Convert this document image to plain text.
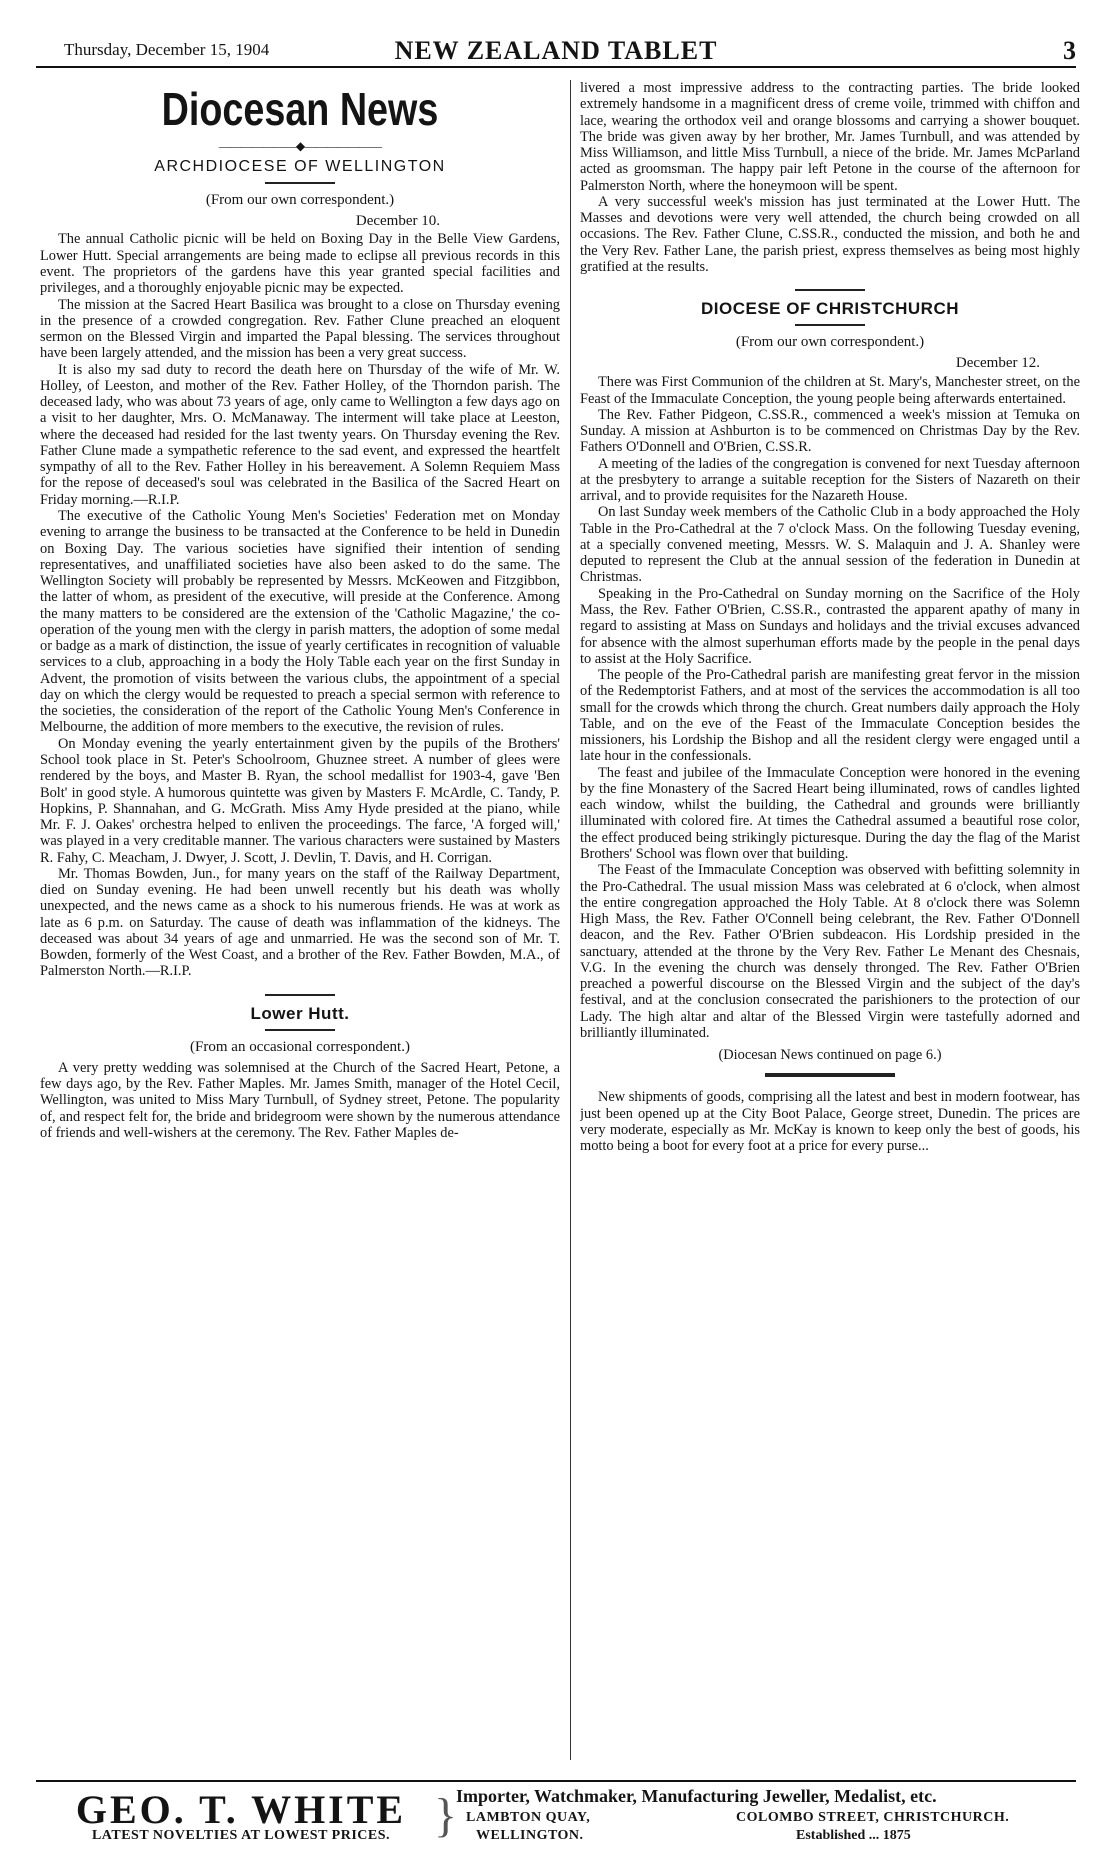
Thursday, December 15, 1904	NEW ZEALAND TABLET	3
Diocesan News
———————◆———————
ARCHDIOCESE OF WELLINGTON
(From our own correspondent.)
December 10.

The annual Catholic picnic will be held on Boxing Day in the Belle View Gardens, Lower Hutt. Special arrangements are being made to eclipse all previous records in this event. The proprietors of the gardens have this year granted special facilities and privileges, and a thoroughly enjoyable picnic may be expected.

The mission at the Sacred Heart Basilica was brought to a close on Thursday evening in the presence of a crowded congregation. Rev. Father Clune preached an eloquent sermon on the Blessed Virgin and imparted the Papal blessing. The services throughout have been largely attended, and the mission has been a very great success.

It is also my sad duty to record the death here on Thursday of the wife of Mr. W. Holley, of Leeston, and mother of the Rev. Father Holley, of the Thorndon parish. The deceased lady, who was about 73 years of age, only came to Wellington a few days ago on a visit to her daughter, Mrs. O. McManaway. The interment will take place at Leeston, where the deceased had resided for the last twenty years. On Thursday evening the Rev. Father Clune made a sympathetic reference to the sad event, and expressed the heartfelt sympathy of all to the Rev. Father Holley in his bereavement. A Solemn Requiem Mass for the repose of deceased's soul was celebrated in the Basilica of the Sacred Heart on Friday morning.—R.I.P.

The executive of the Catholic Young Men's Societies' Federation met on Monday evening to arrange the business to be transacted at the Conference to be held in Dunedin on Boxing Day. The various societies have signified their intention of sending representatives, and unaffiliated societies have also been asked to do the same. The Wellington Society will probably be represented by Messrs. McKeowen and Fitzgibbon, the latter of whom, as president of the executive, will preside at the Conference. Among the many matters to be considered are the extension of the 'Catholic Magazine,' the co-operation of the young men with the clergy in parish matters, the adoption of some medal or badge as a mark of distinction, the issue of yearly certificates in recognition of valuable services to a club, approaching in a body the Holy Table each year on the first Sunday in Advent, the promotion of visits between the various clubs, the appointment of a special day on which the clergy would be requested to preach a special sermon with reference to the societies, the consideration of the report of the Catholic Young Men's Conference in Melbourne, the addition of more members to the executive, the revision of rules.

On Monday evening the yearly entertainment given by the pupils of the Brothers' School took place in St. Peter's Schoolroom, Ghuznee street. A number of glees were rendered by the boys, and Master B. Ryan, the school medallist for 1903-4, gave 'Ben Bolt' in good style. A humorous quintette was given by Masters F. McArdle, C. Tandy, P. Hopkins, P. Shannahan, and G. McGrath. Miss Amy Hyde presided at the piano, while Mr. F. J. Oakes' orchestra helped to enliven the proceedings. The farce, 'A forged will,' was played in a very creditable manner. The various characters were sustained by Masters R. Fahy, C. Meacham, J. Dwyer, J. Scott, J. Devlin, T. Davis, and H. Corrigan.

Mr. Thomas Bowden, Jun., for many years on the staff of the Railway Department, died on Sunday evening. He had been unwell recently but his death was wholly unexpected, and the news came as a shock to his numerous friends. He was at work as late as 6 p.m. on Saturday. The cause of death was inflammation of the kidneys. The deceased was about 34 years of age and unmarried. He was the second son of Mr. T. Bowden, formerly of the West Coast, and a brother of the Rev. Father Bowden, M.A., of Palmerston North.—R.I.P.

Lower Hutt.
(From an occasional correspondent.)

A very pretty wedding was solemnised at the Church of the Sacred Heart, Petone, a few days ago, by the Rev. Father Maples. Mr. James Smith, manager of the Hotel Cecil, Wellington, was united to Miss Mary Turnbull, of Sydney street, Petone. The popularity of, and respect felt for, the bride and bridegroom were shown by the numerous attendance of friends and well-wishers at the ceremony. The Rev. Father Maples de-

livered a most impressive address to the contracting parties. The bride looked extremely handsome in a magnificent dress of creme voile, trimmed with chiffon and lace, wearing the orthodox veil and orange blossoms and carrying a shower bouquet. The bride was given away by her brother, Mr. James Turnbull, and was attended by Miss Williamson, and little Miss Turnbull, a niece of the bride. Mr. James McParland acted as groomsman. The happy pair left Petone in the course of the afternoon for Palmerston North, where the honeymoon will be spent.

A very successful week's mission has just terminated at the Lower Hutt. The Masses and devotions were very well attended, the church being crowded on all occasions. The Rev. Father Clune, C.SS.R., conducted the mission, and both he and the Very Rev. Father Lane, the parish priest, express themselves as being most highly gratified at the results.

DIOCESE OF CHRISTCHURCH
(From our own correspondent.)
December 12.

There was First Communion of the children at St. Mary's, Manchester street, on the Feast of the Immaculate Conception, the young people being afterwards entertained.

The Rev. Father Pidgeon, C.SS.R., commenced a week's mission at Temuka on Sunday. A mission at Ashburton is to be commenced on Christmas Day by the Rev. Fathers O'Donnell and O'Brien, C.SS.R.

A meeting of the ladies of the congregation is convened for next Tuesday afternoon at the presbytery to arrange a suitable reception for the Sisters of Nazareth on their arrival, and to provide requisites for the Nazareth House.

On last Sunday week members of the Catholic Club in a body approached the Holy Table in the Pro-Cathedral at the 7 o'clock Mass. On the following Tuesday evening, at a specially convened meeting, Messrs. W. S. Malaquin and J. A. Shanley were deputed to represent the Club at the annual session of the federation in Dunedin at Christmas.

Speaking in the Pro-Cathedral on Sunday morning on the Sacrifice of the Holy Mass, the Rev. Father O'Brien, C.SS.R., contrasted the apparent apathy of many in regard to assisting at Mass on Sundays and holidays and the trivial excuses advanced for absence with the almost superhuman efforts made by the people in the penal days to assist at the Holy Sacrifice.

The people of the Pro-Cathedral parish are manifesting great fervor in the mission of the Redemptorist Fathers, and at most of the services the accommodation is all too small for the crowds which throng the church. Great numbers daily approach the Holy Table, and on the eve of the Feast of the Immaculate Conception besides the missioners, his Lordship the Bishop and all the resident clergy were engaged until a late hour in the confessionals.

The feast and jubilee of the Immaculate Conception were honored in the evening by the fine Monastery of the Sacred Heart being illuminated, rows of candles lighted each window, whilst the building, the Cathedral and grounds were brilliantly illuminated with colored fire. At times the Cathedral assumed a beautiful rose color, the effect produced being strikingly picturesque. During the day the flag of the Marist Brothers' School was flown over that building.

The Feast of the Immaculate Conception was observed with befitting solemnity in the Pro-Cathedral. The usual mission Mass was celebrated at 6 o'clock, when almost the entire congregation approached the Holy Table. At 8 o'clock there was Solemn High Mass, the Rev. Father O'Connell being celebrant, the Rev. Father O'Donnell deacon, and the Rev. Father O'Brien subdeacon. His Lordship presided in the sanctuary, attended at the throne by the Very Rev. Father Le Menant des Chesnais, V.G. In the evening the church was densely thronged. The Rev. Father O'Brien preached a powerful discourse on the Blessed Virgin and the subject of the day's festival, and at the conclusion consecrated the parishioners to the protection of our Lady. The high altar and altar of the Blessed Virgin were tastefully adorned and brilliantly illuminated.

(Diocesan News continued on page 6.)

New shipments of goods, comprising all the latest and best in modern footwear, has just been opened up at the City Boot Palace, George street, Dunedin. The prices are very moderate, especially as Mr. McKay is known to keep only the best of goods, his motto being a boot for every foot at a price for every purse...

GEO. T. WHITE
LATEST NOVELTIES AT LOWEST PRICES. }
Importer, Watchmaker, Manufacturing Jeweller, Medalist, etc.
LAMBTON QUAY,
WELLINGTON.
COLOMBO STREET, CHRISTCHURCH.
Established ... 1875
